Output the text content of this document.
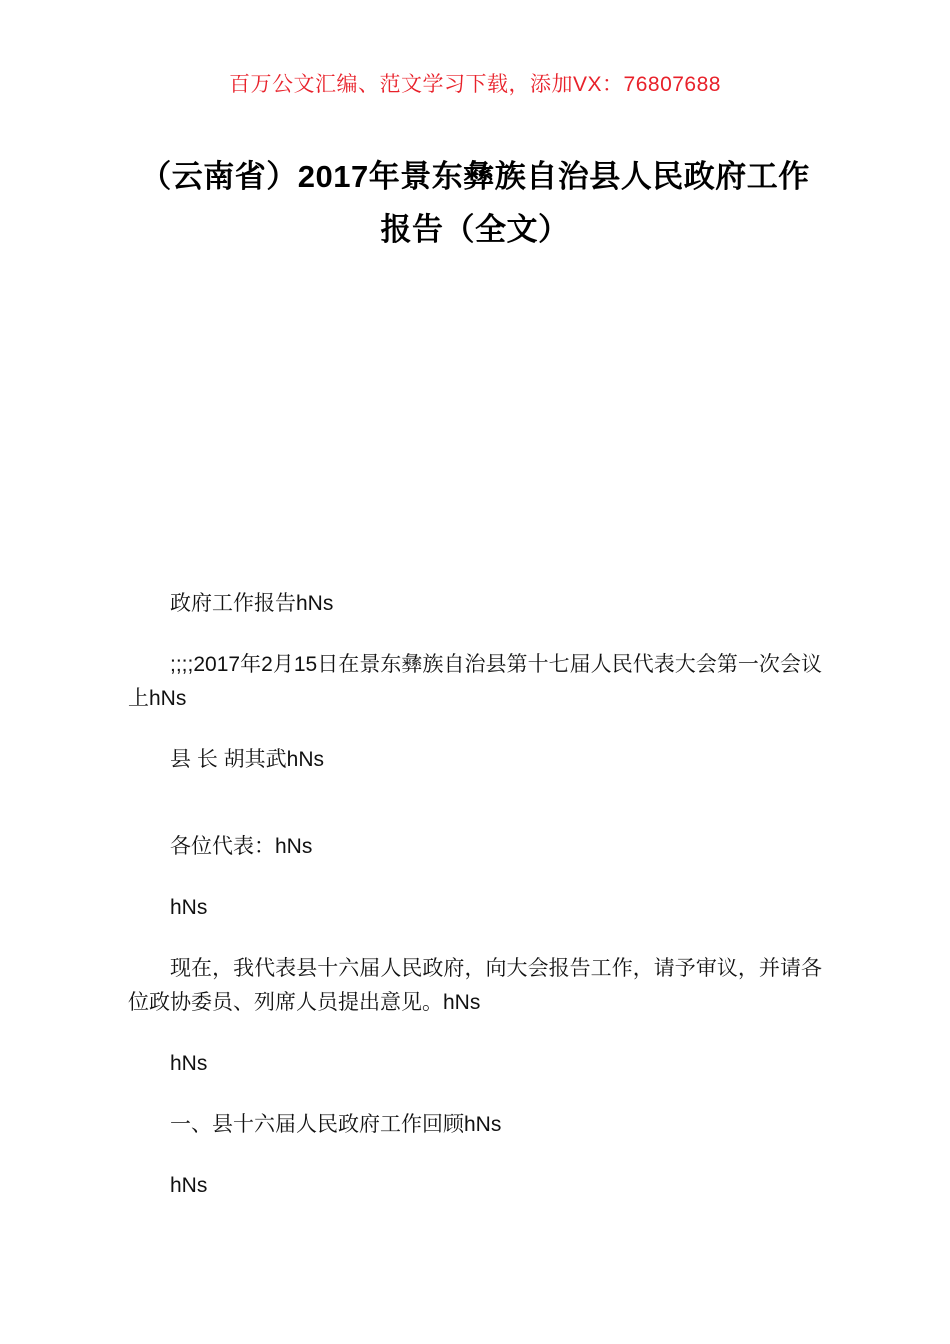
百万公文汇编、范文学习下载，添加VX：76807688
（云南省）2017年景东彝族自治县人民政府工作报告（全文）

政府工作报告hNs

;;;;2017年2月15日在景东彝族自治县第十七届人民代表大会第一次会议上hNs

县 长 胡其武hNs

各位代表：hNs

hNs

现在，我代表县十六届人民政府，向大会报告工作，请予审议，并请各位政协委员、列席人员提出意见。hNs

hNs

一、县十六届人民政府工作回顾hNs

hNs
